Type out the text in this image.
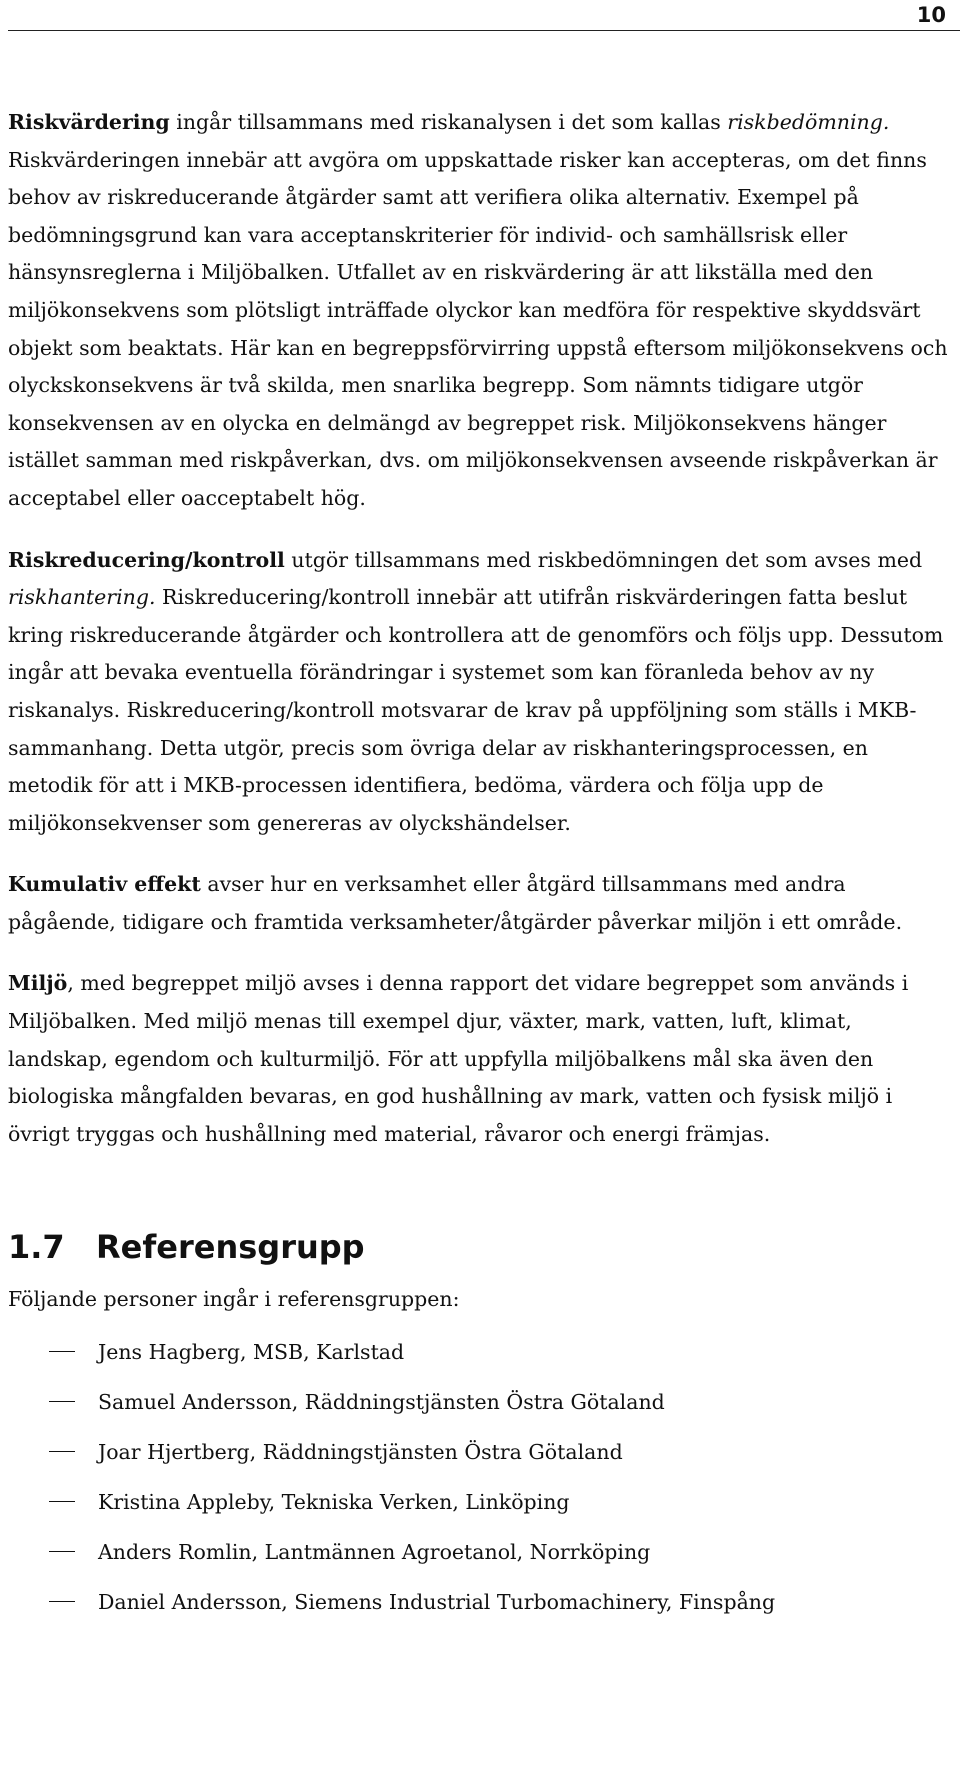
10

Riskvärdering ingår tillsammans med riskanalysen i det som kallas riskbedömning. Riskvärderingen innebär att avgöra om uppskattade risker kan accepteras, om det finns behov av riskreducerande åtgärder samt att verifiera olika alternativ. Exempel på bedömningsgrund kan vara acceptanskriterier för individ- och samhällsrisk eller hänsynsreglerna i Miljöbalken. Utfallet av en riskvärdering är att likställa med den miljökonsekvens som plötsligt inträffade olyckor kan medföra för respektive skyddsvärt objekt som beaktats. Här kan en begreppsförvirring uppstå eftersom miljökonsekvens och olyckskonsekvens är två skilda, men snarlika begrepp. Som nämnts tidigare utgör konsekvensen av en olycka en delmängd av begreppet risk. Miljökonsekvens hänger istället samman med riskpåverkan, dvs. om miljökonsekvensen avseende riskpåverkan är acceptabel eller oacceptabelt hög.

Riskreducering/kontroll utgör tillsammans med riskbedömningen det som avses med riskhantering. Riskreducering/kontroll innebär att utifrån riskvärderingen fatta beslut kring riskreducerande åtgärder och kontrollera att de genomförs och följs upp. Dessutom ingår att bevaka eventuella förändringar i systemet som kan föranleda behov av ny riskanalys. Riskreducering/kontroll motsvarar de krav på uppföljning som ställs i MKB-sammanhang. Detta utgör, precis som övriga delar av riskhanteringsprocessen, en metodik för att i MKB-processen identifiera, bedöma, värdera och följa upp de miljökonsekvenser som genereras av olyckshändelser.

Kumulativ effekt avser hur en verksamhet eller åtgärd tillsammans med andra pågående, tidigare och framtida verksamheter/åtgärder påverkar miljön i ett område.

Miljö, med begreppet miljö avses i denna rapport det vidare begreppet som används i Miljöbalken. Med miljö menas till exempel djur, växter, mark, vatten, luft, klimat, landskap, egendom och kulturmiljö. För att uppfylla miljöbalkens mål ska även den biologiska mångfalden bevaras, en god hushållning av mark, vatten och fysisk miljö i övrigt tryggas och hushållning med material, råvaror och energi främjas.

1.7 Referensgrupp

Följande personer ingår i referensgruppen:

Jens Hagberg, MSB, Karlstad
Samuel Andersson, Räddningstjänsten Östra Götaland
Joar Hjertberg, Räddningstjänsten Östra Götaland
Kristina Appleby, Tekniska Verken, Linköping
Anders Romlin, Lantmännen Agroetanol, Norrköping
Daniel Andersson, Siemens Industrial Turbomachinery, Finspång
